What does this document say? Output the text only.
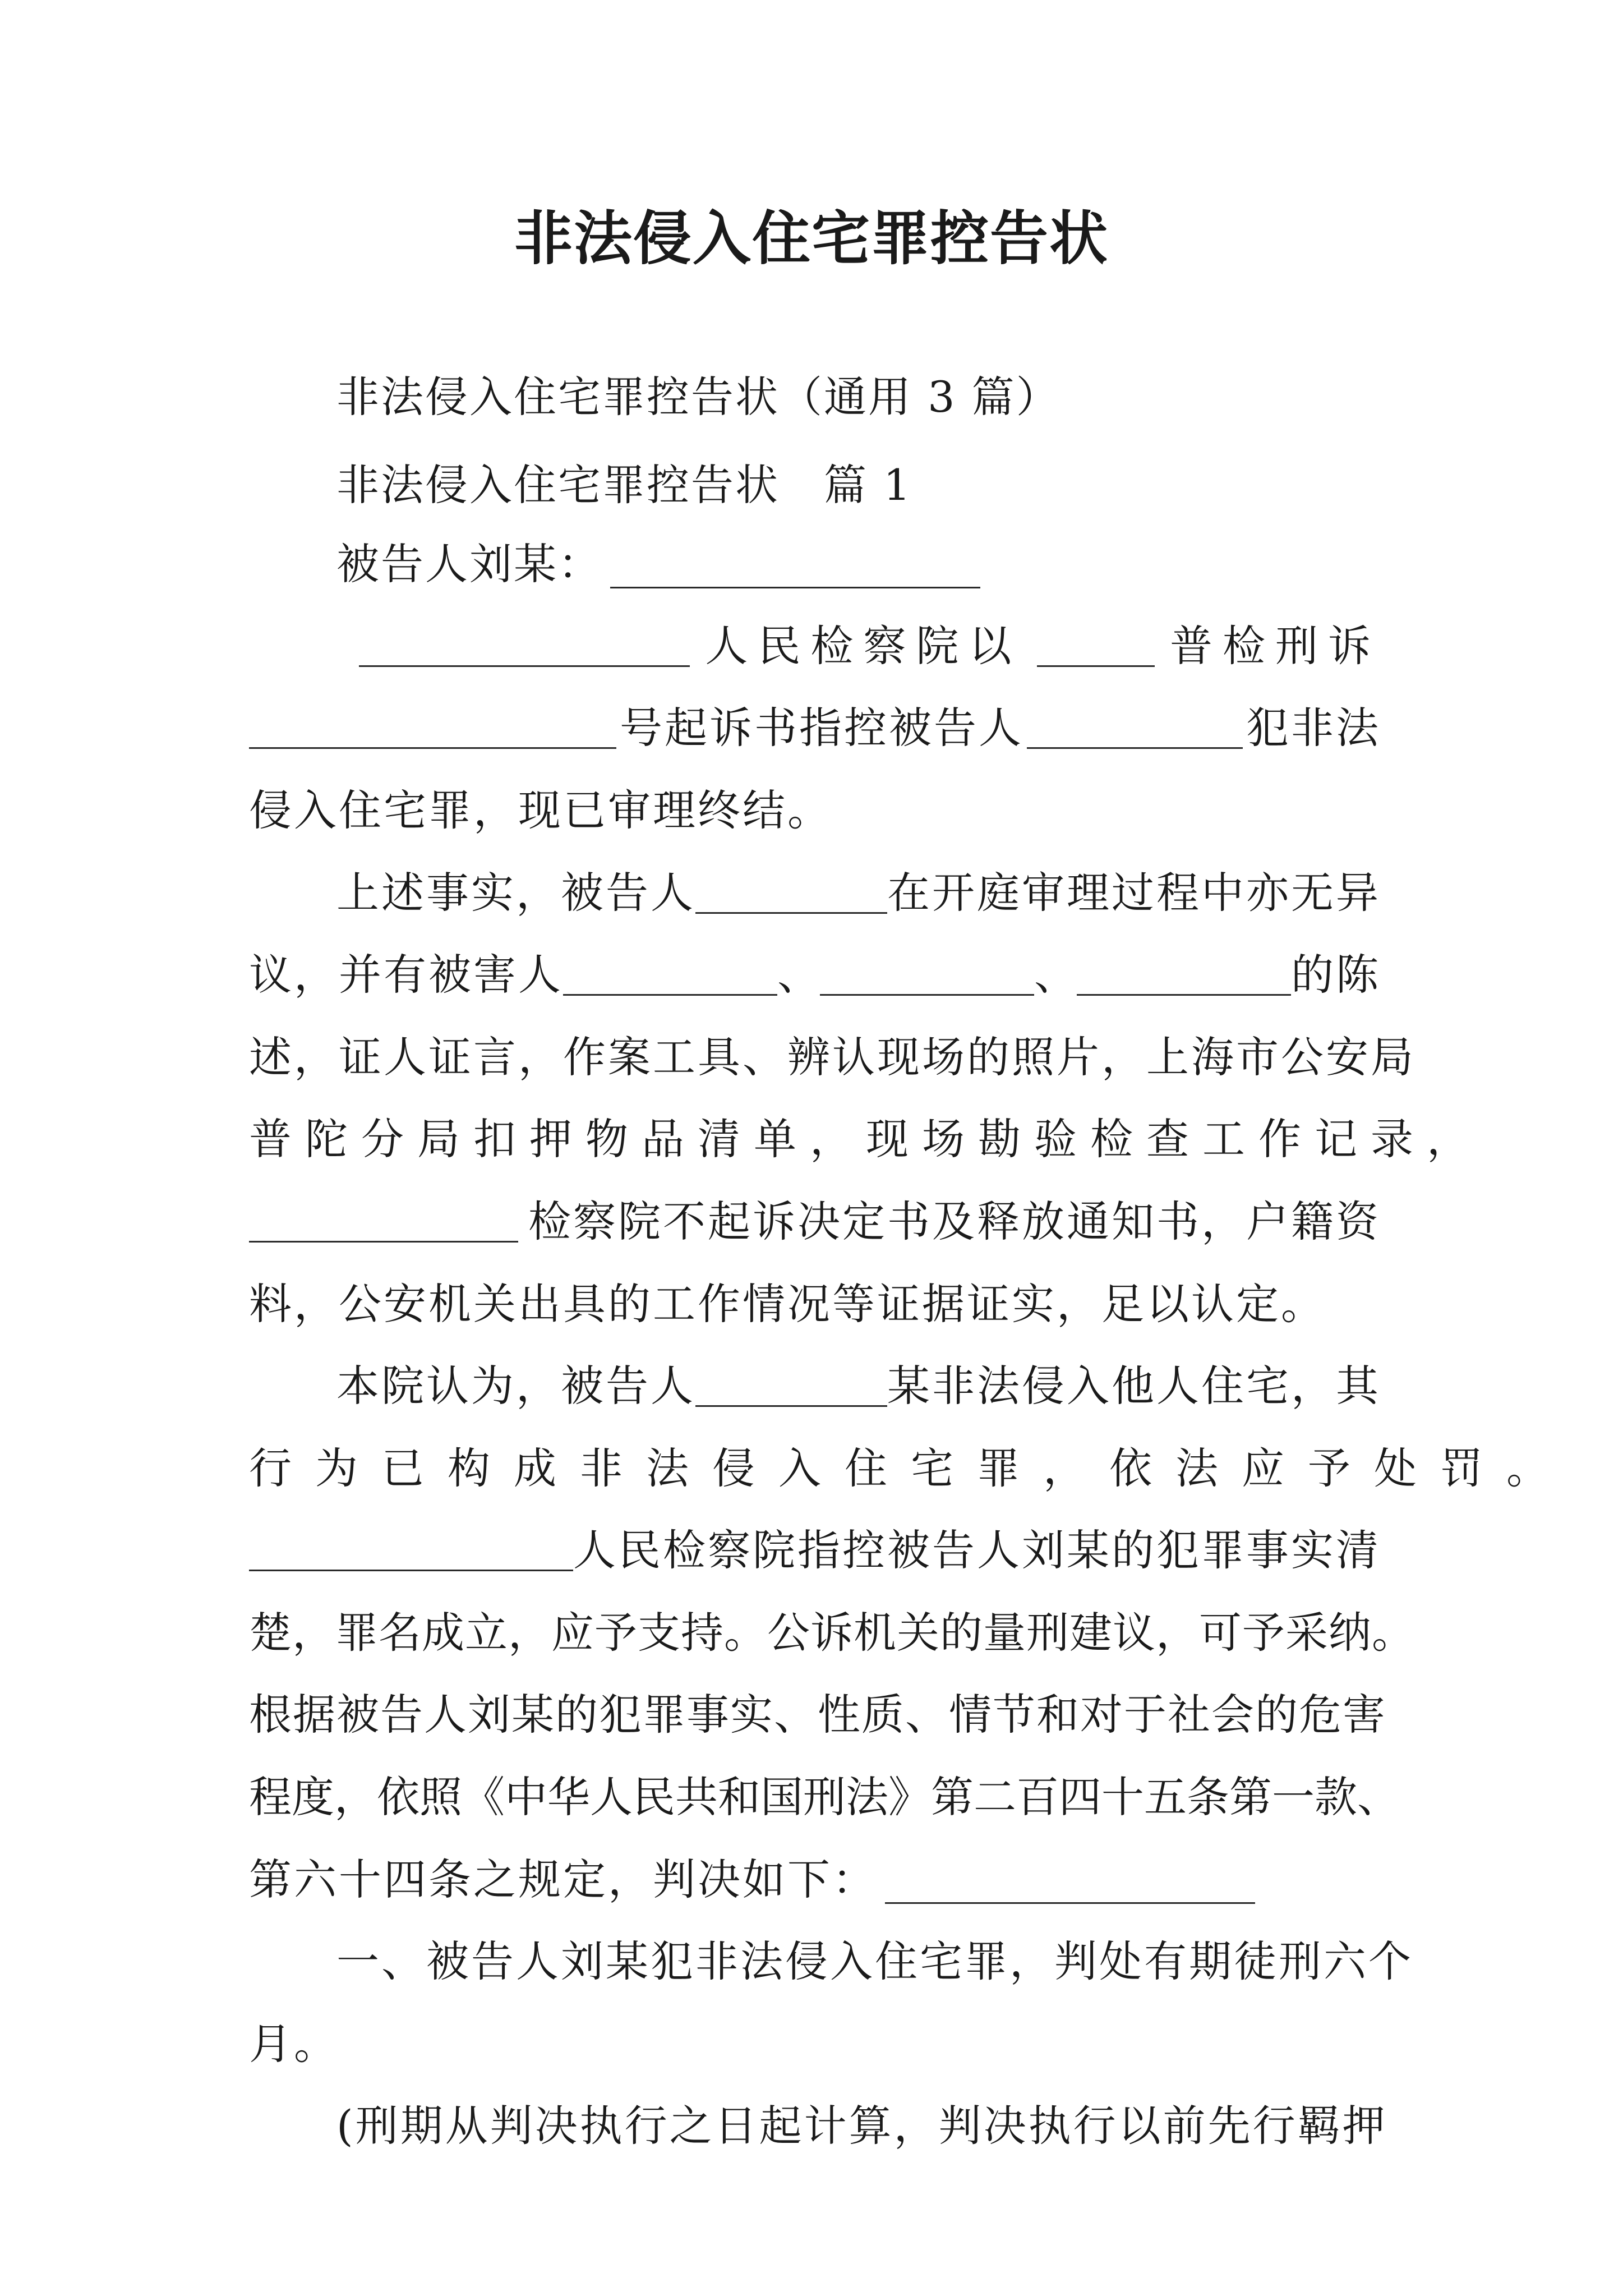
非法侵入住宅罪控告状
非法侵入住宅罪控告状（通用 3 篇）
非法侵入住宅罪控告状　篇 1
被告人刘某：
人民检察院以	普检刑诉
号起诉书指控被告人	犯非法
侵入住宅罪，现已审理终结。
上述事实，被告人	在开庭审理过程中亦无异
议，并有被害人	、	、	的陈
述，证人证言，作案工具、辨认现场的照片，上海市公安局
普陀分局扣押物品清单，现场勘验检查工作记录，
检察院不起诉决定书及释放通知书，户籍资
料，公安机关出具的工作情况等证据证实，足以认定。
本院认为，被告人	某非法侵入他人住宅，其
行为已构成非法侵入住宅罪，依法应予处罚。
人民检察院指控被告人刘某的犯罪事实清
楚，罪名成立，应予支持。公诉机关的量刑建议，可予采纳。
根据被告人刘某的犯罪事实、性质、情节和对于社会的危害
程度，依照《中华人民共和国刑法》第二百四十五条第一款、
第六十四条之规定，判决如下：
一、被告人刘某犯非法侵入住宅罪，判处有期徒刑六个
月。
(刑期从判决执行之日起计算，判决执行以前先行羁押
